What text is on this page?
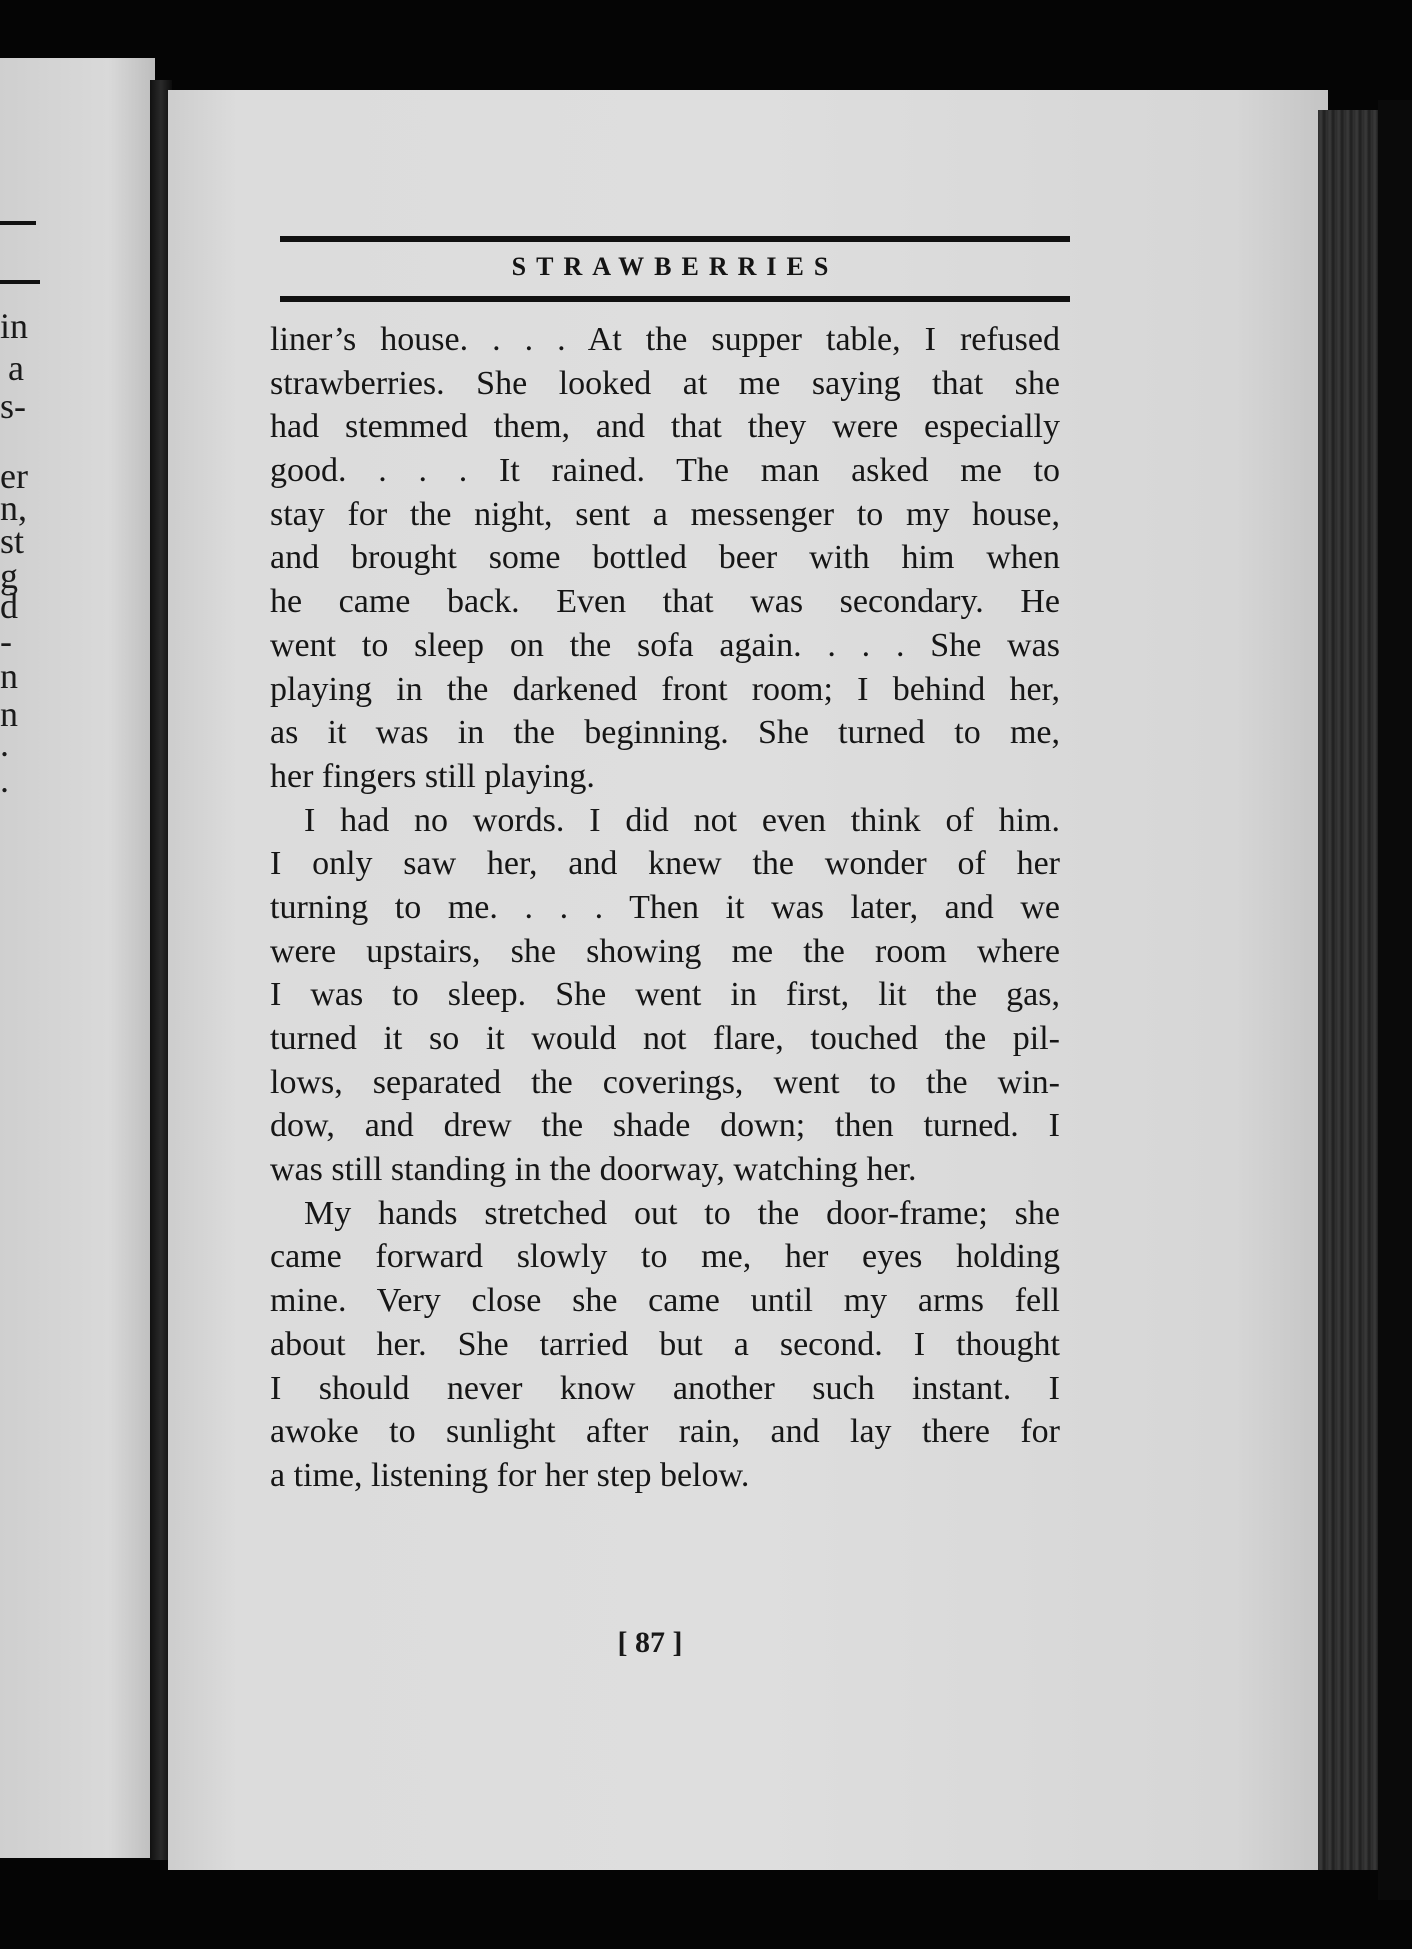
in
a
s-
er
n,
st
g
d
-
n
n
.
.
STRAWBERRIES
liner’s house. . . . At the supper table, I refused
strawberries. She looked at me saying that she
had stemmed them, and that they were especially
good. . . . It rained. The man asked me to
stay for the night, sent a messenger to my house,
and brought some bottled beer with him when
he came back. Even that was secondary. He
went to sleep on the sofa again. . . . She was
playing in the darkened front room; I behind her,
as it was in the beginning. She turned to me,
her fingers still playing.
I had no words. I did not even think of him.
I only saw her, and knew the wonder of her
turning to me. . . . Then it was later, and we
were upstairs, she showing me the room where
I was to sleep. She went in first, lit the gas,
turned it so it would not flare, touched the pil-
lows, separated the coverings, went to the win-
dow, and drew the shade down; then turned. I
was still standing in the doorway, watching her.
My hands stretched out to the door-frame; she
came forward slowly to me, her eyes holding
mine. Very close she came until my arms fell
about her. She tarried but a second. I thought
I should never know another such instant. I
awoke to sunlight after rain, and lay there for
a time, listening for her step below.
[ 87 ]
